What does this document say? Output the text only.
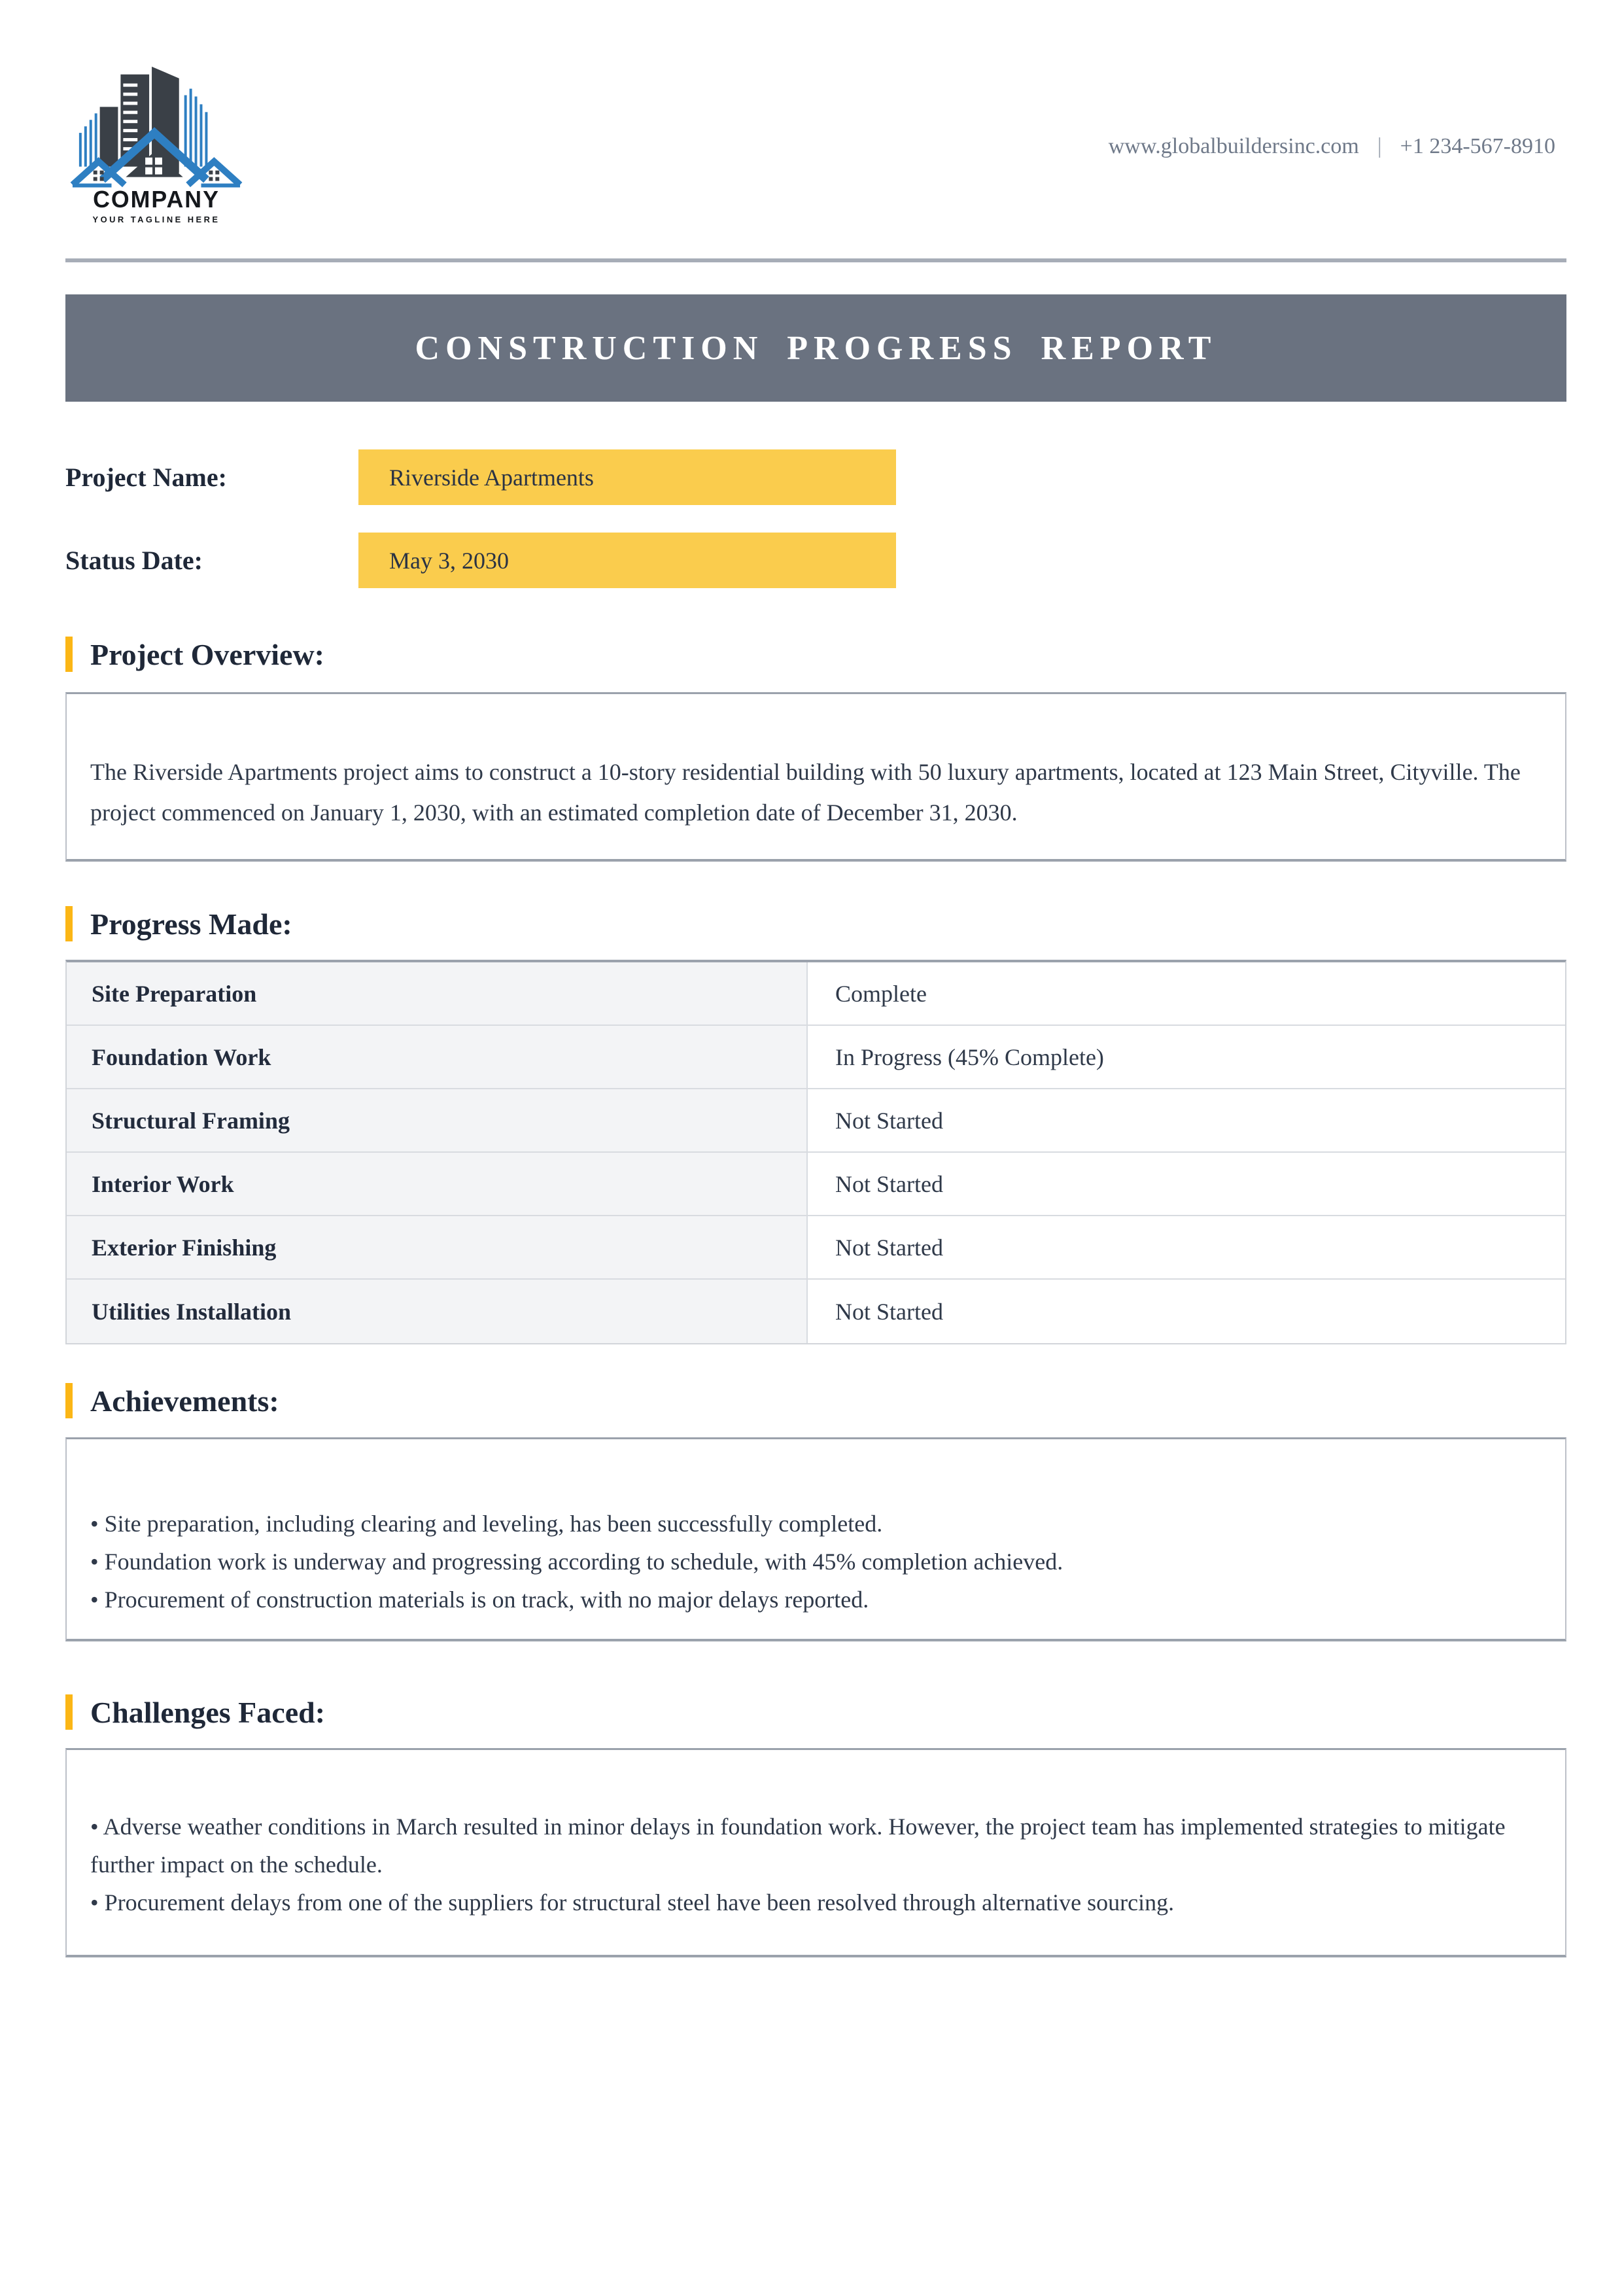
COMPANY
YOUR TAGLINE HERE
www.globalbuildersinc.com | +1 234-567-8910
CONSTRUCTION PROGRESS REPORT
Project Name:	Riverside Apartments
Status Date:	May 3, 2030
Project Overview:
The Riverside Apartments project aims to construct a 10-story residential building with 50 luxury apartments, located at 123 Main Street, Cityville. The project commenced on January 1, 2030, with an estimated completion date of December 31, 2030.
Progress Made:
Site Preparation	Complete
Foundation Work	In Progress (45% Complete)
Structural Framing	Not Started
Interior Work	Not Started
Exterior Finishing	Not Started
Utilities Installation	Not Started
Achievements:
• Site preparation, including clearing and leveling, has been successfully completed.
• Foundation work is underway and progressing according to schedule, with 45% completion achieved.
• Procurement of construction materials is on track, with no major delays reported.
Challenges Faced:
• Adverse weather conditions in March resulted in minor delays in foundation work. However, the project team has implemented strategies to mitigate further impact on the schedule.
• Procurement delays from one of the suppliers for structural steel have been resolved through alternative sourcing.
